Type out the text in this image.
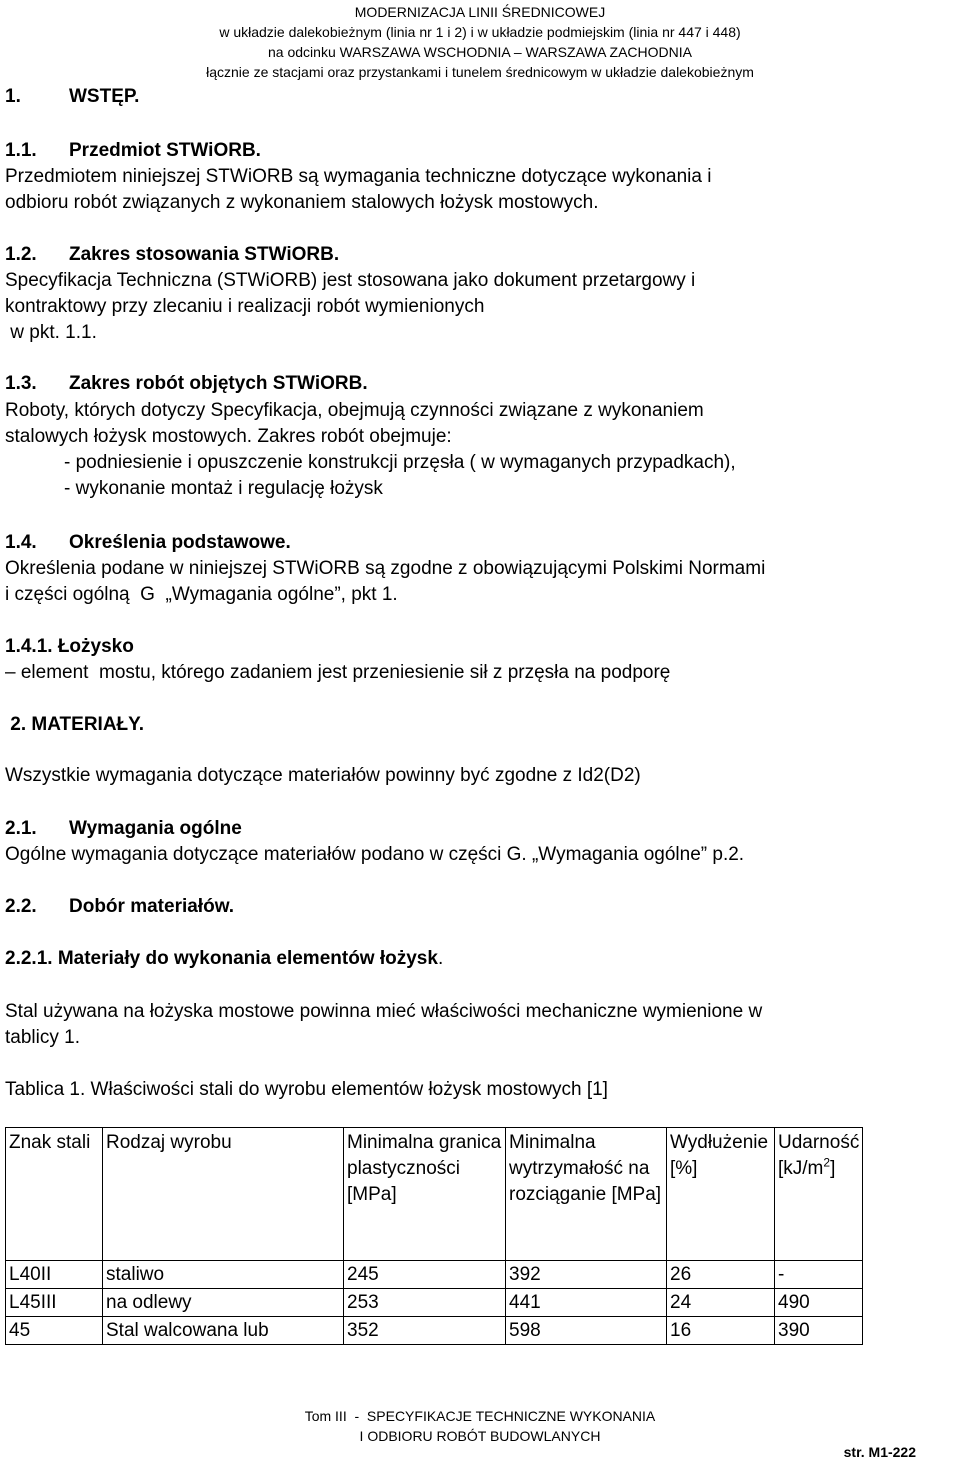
MODERNIZACJA LINII ŚREDNICOWEJ
w układzie dalekobieżnym (linia nr 1 i 2) i w układzie podmiejskim (linia nr 447 i 448)
na odcinku WARSZAWA WSCHODNIA – WARSZAWA ZACHODNIA
łącznie ze stacjami oraz przystankami i tunelem średnicowym w układzie dalekobieżnym
1.	WSTĘP.
1.1. Przedmiot STWiORB.
Przedmiotem niniejszej STWiORB są wymagania techniczne dotyczące wykonania i
odbioru robót związanych z wykonaniem stalowych łożysk mostowych.
1.2. Zakres stosowania STWiORB.
Specyfikacja Techniczna (STWiORB) jest stosowana jako dokument przetargowy i
kontraktowy przy zlecaniu i realizacji robót wymienionych
w pkt. 1.1.
1.3. Zakres robót objętych STWiORB.
Roboty, których dotyczy Specyfikacja, obejmują czynności związane z wykonaniem
stalowych łożysk mostowych. Zakres robót obejmuje:
- podniesienie i opuszczenie konstrukcji przęsła ( w wymaganych przypadkach),
- wykonanie montaż i regulację łożysk
1.4. Określenia podstawowe.
Określenia podane w niniejszej STWiORB są zgodne z obowiązującymi Polskimi Normami
i części ogólną  G  „Wymagania ogólne”, pkt 1.
1.4.1. Łożysko
– element  mostu, którego zadaniem jest przeniesienie sił z przęsła na podporę
2. MATERIAŁY.
Wszystkie wymagania dotyczące materiałów powinny być zgodne z Id2(D2)
2.1. Wymagania ogólne
Ogólne wymagania dotyczące materiałów podano w części G. „Wymagania ogólne” p.2.
2.2. Dobór materiałów.
2.2.1. Materiały do wykonania elementów łożysk.
Stal używana na łożyska mostowe powinna mieć właściwości mechaniczne wymienione w
tablicy 1.
Tablica 1. Właściwości stali do wyrobu elementów łożysk mostowych [1]
Znak stali	Rodzaj wyrobu	Minimalna granica plastyczności [MPa]	Minimalna wytrzymałość na rozciąganie [MPa]	Wydłużenie [%]	Udarność $[kJ/m^2]$
L40II	staliwo	245	392	26	-
L45III	na odlewy	253	441	24	490
45	Stal walcowana lub	352	598	16	390
Tom III  -  SPECYFIKACJE TECHNICZNE WYKONANIA
I ODBIORU ROBÓT BUDOWLANYCH
str. M1-222
